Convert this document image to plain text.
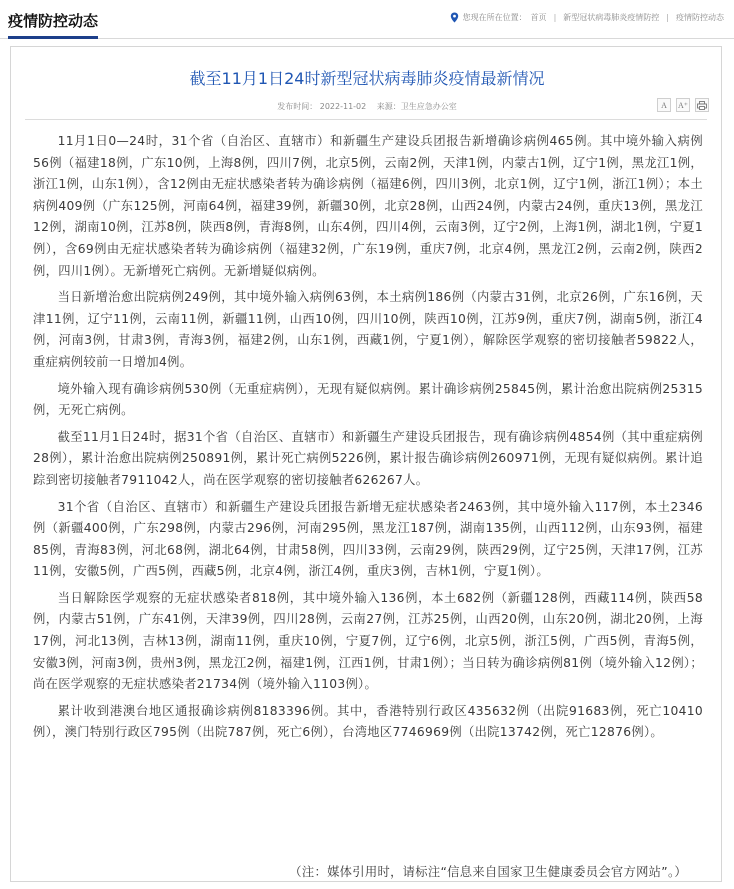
疫情防控动态	您现在所在位置： 首页 | 新型冠状病毒肺炎疫情防控 | 疫情防控动态
截至11月1日24时新型冠状病毒肺炎疫情最新情况
发布时间： 2022-11-02 来源：卫生应急办公室	A	A⁺

11月1日0—24时，31个省（自治区、直辖市）和新疆生产建设兵团报告新增确诊病例465例。其中境外输入病例56例（福建18例，广东10例，上海8例，四川7例，北京5例，云南2例，天津1例，内蒙古1例，辽宁1例，黑龙江1例，浙江1例，山东1例），含12例由无症状感染者转为确诊病例（福建6例，四川3例，北京1例，辽宁1例，浙江1例）；本土病例409例（广东125例，河南64例，福建39例，新疆30例，北京28例，山西24例，内蒙古24例，重庆13例，黑龙江12例，湖南10例，江苏8例，陕西8例，青海8例，山东4例，四川4例，云南3例，辽宁2例，上海1例，湖北1例，宁夏1例），含69例由无症状感染者转为确诊病例（福建32例，广东19例，重庆7例，北京4例，黑龙江2例，云南2例，陕西2例，四川1例）。无新增死亡病例。无新增疑似病例。

当日新增治愈出院病例249例，其中境外输入病例63例，本土病例186例（内蒙古31例，北京26例，广东16例，天津11例，辽宁11例，云南11例，新疆11例，山西10例，四川10例，陕西10例，江苏9例，重庆7例，湖南5例，浙江4例，河南3例，甘肃3例，青海3例，福建2例，山东1例，西藏1例，宁夏1例），解除医学观察的密切接触者59822人，重症病例较前一日增加4例。

境外输入现有确诊病例530例（无重症病例），无现有疑似病例。累计确诊病例25845例，累计治愈出院病例25315例，无死亡病例。

截至11月1日24时，据31个省（自治区、直辖市）和新疆生产建设兵团报告，现有确诊病例4854例（其中重症病例28例），累计治愈出院病例250891例，累计死亡病例5226例，累计报告确诊病例260971例，无现有疑似病例。累计追踪到密切接触者7911042人，尚在医学观察的密切接触者626267人。

31个省（自治区、直辖市）和新疆生产建设兵团报告新增无症状感染者2463例，其中境外输入117例，本土2346例（新疆400例，广东298例，内蒙古296例，河南295例，黑龙江187例，湖南135例，山西112例，山东93例，福建85例，青海83例，河北68例，湖北64例，甘肃58例，四川33例，云南29例，陕西29例，辽宁25例，天津17例，江苏11例，安徽5例，广西5例，西藏5例，北京4例，浙江4例，重庆3例，吉林1例，宁夏1例）。

当日解除医学观察的无症状感染者818例，其中境外输入136例，本土682例（新疆128例，西藏114例，陕西58例，内蒙古51例，广东41例，天津39例，四川28例，云南27例，江苏25例，山西20例，山东20例，湖北20例，上海17例，河北13例，吉林13例，湖南11例，重庆10例，宁夏7例，辽宁6例，北京5例，浙江5例，广西5例，青海5例，安徽3例，河南3例，贵州3例，黑龙江2例，福建1例，江西1例，甘肃1例）；当日转为确诊病例81例（境外输入12例）；尚在医学观察的无症状感染者21734例（境外输入1103例）。

累计收到港澳台地区通报确诊病例8183396例。其中，香港特别行政区435632例（出院91683例，死亡10410例），澳门特别行政区795例（出院787例，死亡6例），台湾地区7746969例（出院13742例，死亡12876例）。

（注：媒体引用时，请标注“信息来自国家卫生健康委员会官方网站”。）
